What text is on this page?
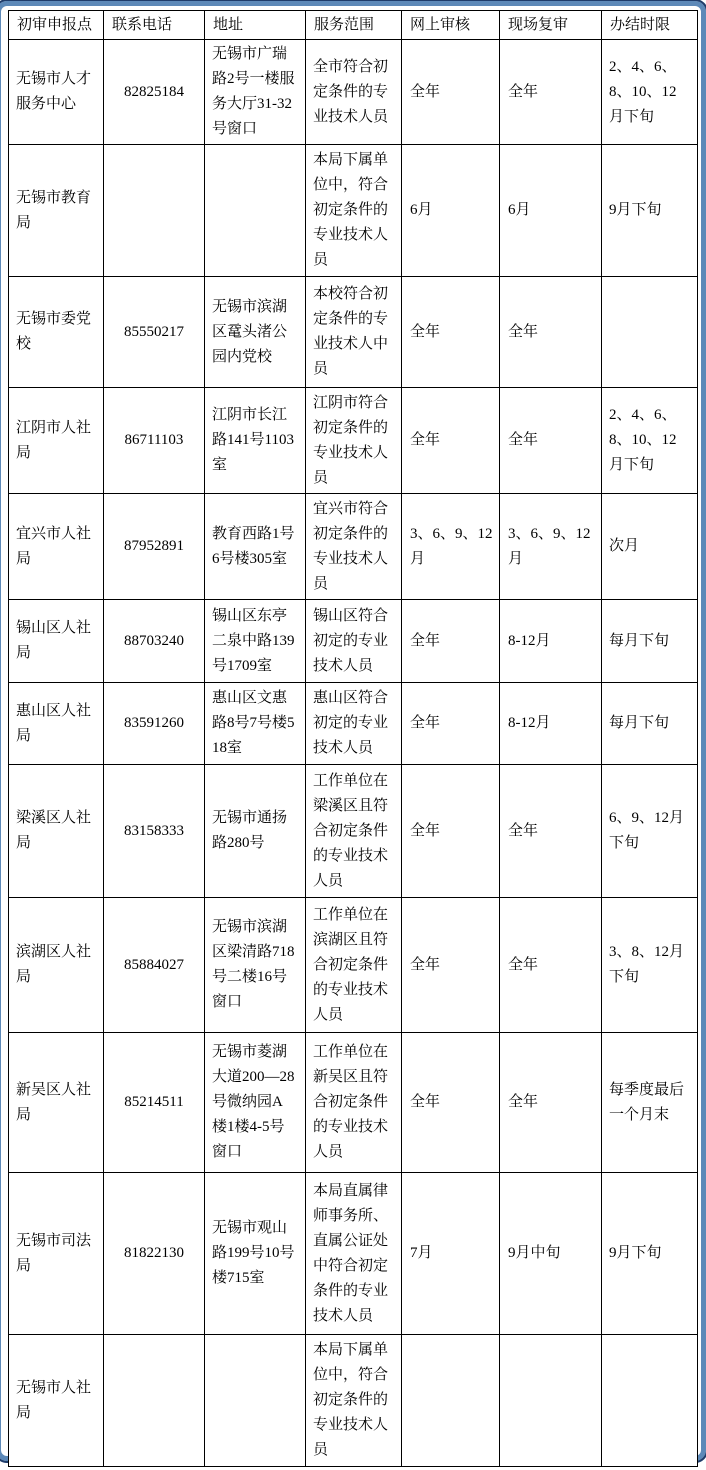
初审申报点	联系电话	地址	服务范围	网上审核	现场复审	办结时限
无锡市人才服务中心	82825184	无锡市广瑞路2号一楼服务大厅31-32号窗口	全市符合初定条件的专业技术人员	全年	全年	2、4、6、8、10、12月下旬
无锡市教育局			本局下属单位中，符合初定条件的专业技术人员	6月	6月	9月下旬
无锡市委党校	85550217	无锡市滨湖区鼋头渚公园内党校	本校符合初定条件的专业技术人中员	全年	全年	
江阴市人社局	86711103	江阴市长江路141号1103室	江阴市符合初定条件的专业技术人员	全年	全年	2、4、6、8、10、12月下旬
宜兴市人社局	87952891	教育西路1号6号楼305室	宜兴市符合初定条件的专业技术人员	3、6、9、12月	3、6、9、12月	次月
锡山区人社局	88703240	锡山区东亭二泉中路139号1709室	锡山区符合初定的专业技术人员	全年	8-12月	每月下旬
惠山区人社局	83591260	惠山区文惠路8号7号楼518室	惠山区符合初定的专业技术人员	全年	8-12月	每月下旬
梁溪区人社局	83158333	无锡市通扬路280号	工作单位在梁溪区且符合初定条件的专业技术人员	全年	全年	6、9、12月下旬
滨湖区人社局	85884027	无锡市滨湖区梁清路718号二楼16号窗口	工作单位在滨湖区且符合初定条件的专业技术人员	全年	全年	3、8、12月下旬
新吴区人社局	85214511	无锡市菱湖大道200—28号微纳园A楼1楼4-5号窗口	工作单位在新吴区且符合初定条件的专业技术人员	全年	全年	每季度最后一个月末
无锡市司法局	81822130	无锡市观山路199号10号楼715室	本局直属律师事务所、直属公证处中符合初定条件的专业技术人员	7月	9月中旬	9月下旬
无锡市人社局			本局下属单位中，符合初定条件的专业技术人员			
